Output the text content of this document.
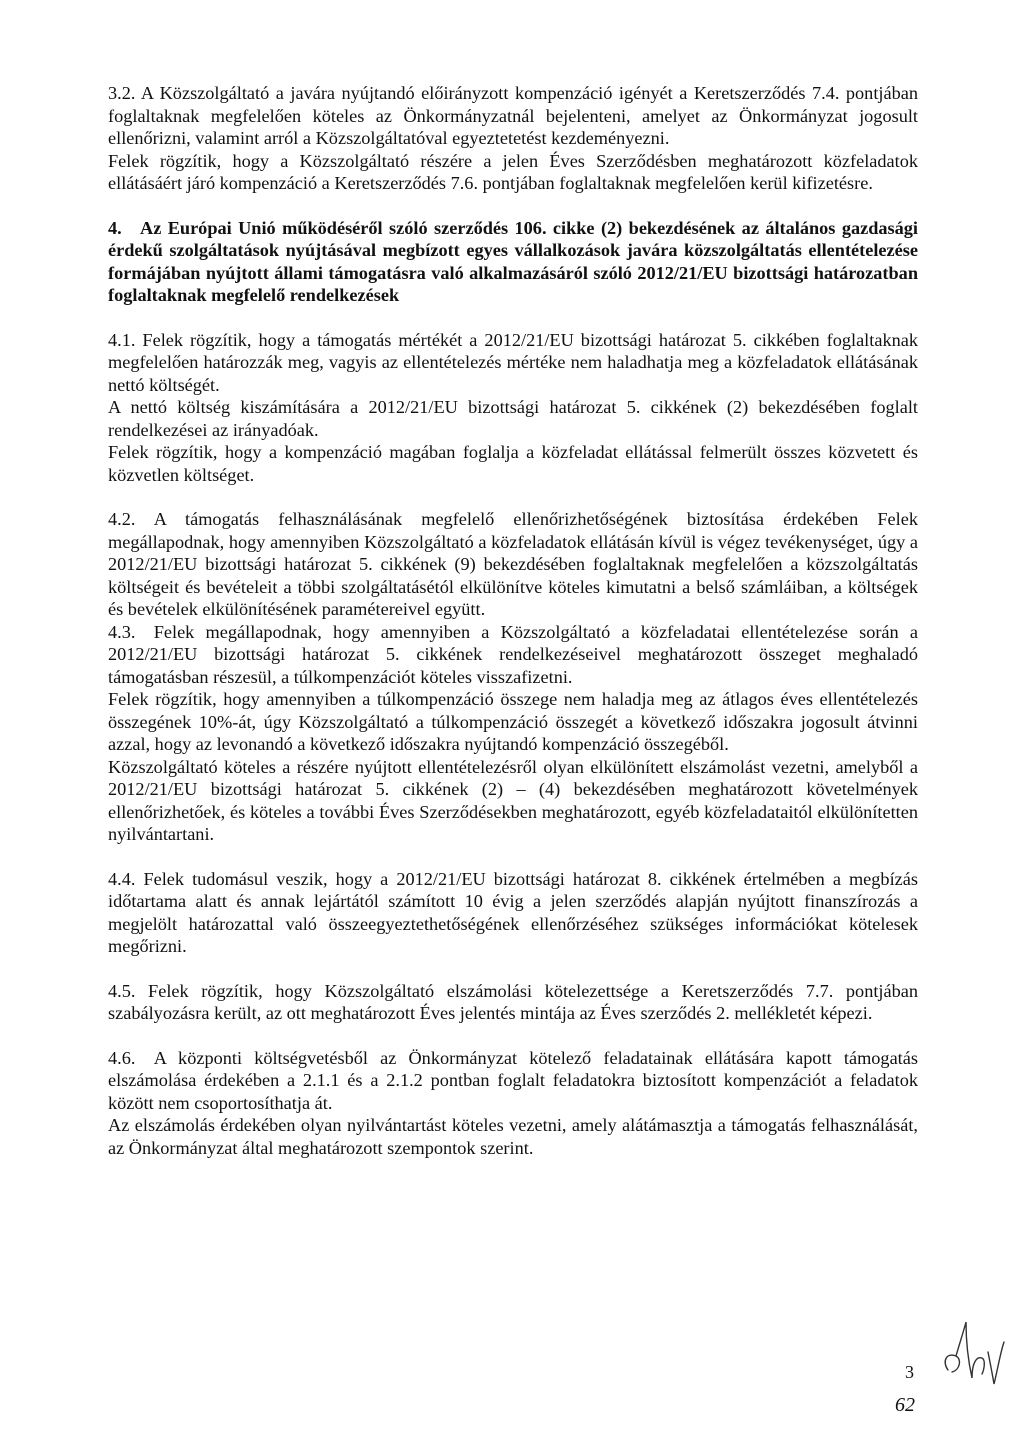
3.2. A Közszolgáltató a javára nyújtandó előirányzott kompenzáció igényét a Keretszerződés 7.4. pontjában foglaltaknak megfelelően köteles az Önkormányzatnál bejelenteni, amelyet az Önkormányzat jogosult ellenőrizni, valamint arról a Közszolgáltatóval egyeztetetést kezdeményezni.

Felek rögzítik, hogy a Közszolgáltató részére a jelen Éves Szerződésben meghatározott közfeladatok ellátásáért járó kompenzáció a Keretszerződés 7.6. pontjában foglaltaknak megfelelően kerül kifizetésre.

4. Az Európai Unió működéséről szóló szerződés 106. cikke (2) bekezdésének az általános gazdasági érdekű szolgáltatások nyújtásával megbízott egyes vállalkozások javára közszolgáltatás ellentételezése formájában nyújtott állami támogatásra való alkalmazásáról szóló 2012/21/EU bizottsági határozatban foglaltaknak megfelelő rendelkezések

4.1. Felek rögzítik, hogy a támogatás mértékét a 2012/21/EU bizottsági határozat 5. cikkében foglaltaknak megfelelően határozzák meg, vagyis az ellentételezés mértéke nem haladhatja meg a közfeladatok ellátásának nettó költségét.

A nettó költség kiszámítására a 2012/21/EU bizottsági határozat 5. cikkének (2) bekezdésében foglalt rendelkezései az irányadóak.

Felek rögzítik, hogy a kompenzáció magában foglalja a közfeladat ellátással felmerült összes közvetett és közvetlen költséget.

4.2. A támogatás felhasználásának megfelelő ellenőrizhetőségének biztosítása érdekében Felek megállapodnak, hogy amennyiben Közszolgáltató a közfeladatok ellátásán kívül is végez tevékenységet, úgy a 2012/21/EU bizottsági határozat 5. cikkének (9) bekezdésében foglaltaknak megfelelően a közszolgáltatás költségeit és bevételeit a többi szolgáltatásétól elkülönítve köteles kimutatni a belső számláiban, a költségek és bevételek elkülönítésének paramétereivel együtt.

4.3. Felek megállapodnak, hogy amennyiben a Közszolgáltató a közfeladatai ellentételezése során a 2012/21/EU bizottsági határozat 5. cikkének rendelkezéseivel meghatározott összeget meghaladó támogatásban részesül, a túlkompenzációt köteles visszafizetni.

Felek rögzítik, hogy amennyiben a túlkompenzáció összege nem haladja meg az átlagos éves ellentételezés összegének 10%-át, úgy Közszolgáltató a túlkompenzáció összegét a következő időszakra jogosult átvinni azzal, hogy az levonandó a következő időszakra nyújtandó kompenzáció összegéből.

Közszolgáltató köteles a részére nyújtott ellentételezésről olyan elkülönített elszámolást vezetni, amelyből a 2012/21/EU bizottsági határozat 5. cikkének (2) – (4) bekezdésében meghatározott követelmények ellenőrizhetőek, és köteles a további Éves Szerződésekben meghatározott, egyéb közfeladataitól elkülönítetten nyilvántartani.

4.4. Felek tudomásul veszik, hogy a 2012/21/EU bizottsági határozat 8. cikkének értelmében a megbízás időtartama alatt és annak lejártától számított 10 évig a jelen szerződés alapján nyújtott finanszírozás a megjelölt határozattal való összeegyeztethetőségének ellenőrzéséhez szükséges információkat kötelesek megőrizni.

4.5. Felek rögzítik, hogy Közszolgáltató elszámolási kötelezettsége a Keretszerződés 7.7. pontjában szabályozásra került, az ott meghatározott Éves jelentés mintája az Éves szerződés 2. mellékletét képezi.

4.6. A központi költségvetésből az Önkormányzat kötelező feladatainak ellátására kapott támogatás elszámolása érdekében a 2.1.1 és a 2.1.2 pontban foglalt feladatokra biztosított kompenzációt a feladatok között nem csoportosíthatja át.

Az elszámolás érdekében olyan nyilvántartást köteles vezetni, amely alátámasztja a támogatás felhasználását, az Önkormányzat által meghatározott szempontok szerint.

3
62
